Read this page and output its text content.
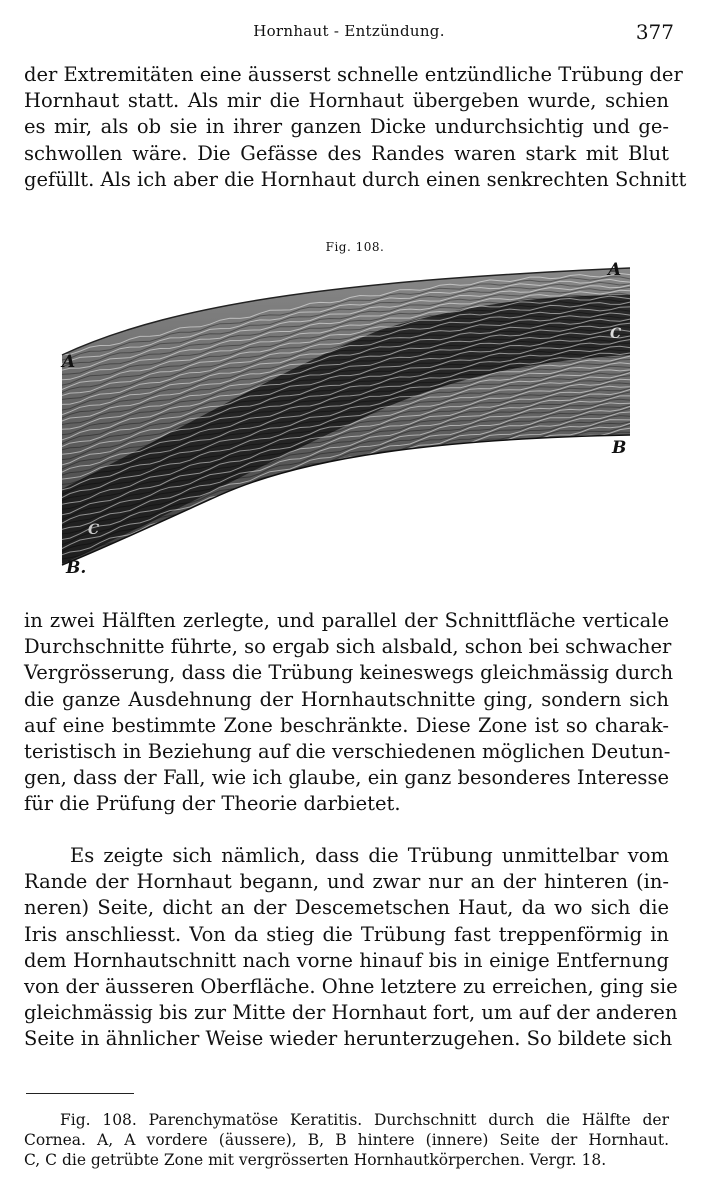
Hornhaut - Entzündung.	377

der Extremitäten eine äusserst schnelle entzündliche Trübung der
Hornhaut statt. Als mir die Hornhaut übergeben wurde, schien
es mir, als ob sie in ihrer ganzen Dicke undurchsichtig und ge-
schwollen wäre. Die Gefässe des Randes waren stark mit Blut
gefüllt. Als ich aber die Hornhaut durch einen senkrechten Schnitt

Fig. 108.
A
A
C
B
C
B.

in zwei Hälften zerlegte, und parallel der Schnittfläche verticale
Durchschnitte führte, so ergab sich alsbald, schon bei schwacher
Vergrösserung, dass die Trübung keineswegs gleichmässig durch
die ganze Ausdehnung der Hornhautschnitte ging, sondern sich
auf eine bestimmte Zone beschränkte. Diese Zone ist so charak-
teristisch in Beziehung auf die verschiedenen möglichen Deutun-
gen, dass der Fall, wie ich glaube, ein ganz besonderes Interesse
für die Prüfung der Theorie darbietet.

Es zeigte sich nämlich, dass die Trübung unmittelbar vom
Rande der Hornhaut begann, und zwar nur an der hinteren (in-
neren) Seite, dicht an der Descemetschen Haut, da wo sich die
Iris anschliesst. Von da stieg die Trübung fast treppenförmig in
dem Hornhautschnitt nach vorne hinauf bis in einige Entfernung
von der äusseren Oberfläche. Ohne letztere zu erreichen, ging sie
gleichmässig bis zur Mitte der Hornhaut fort, um auf der anderen
Seite in ähnlicher Weise wieder herunterzugehen. So bildete sich

Fig. 108. Parenchymatöse Keratitis. Durchschnitt durch die Hälfte der
Cornea. A, A vordere (äussere), B, B hintere (innere) Seite der Hornhaut.
C, C die getrübte Zone mit vergrösserten Hornhautkörperchen. Vergr. 18.
